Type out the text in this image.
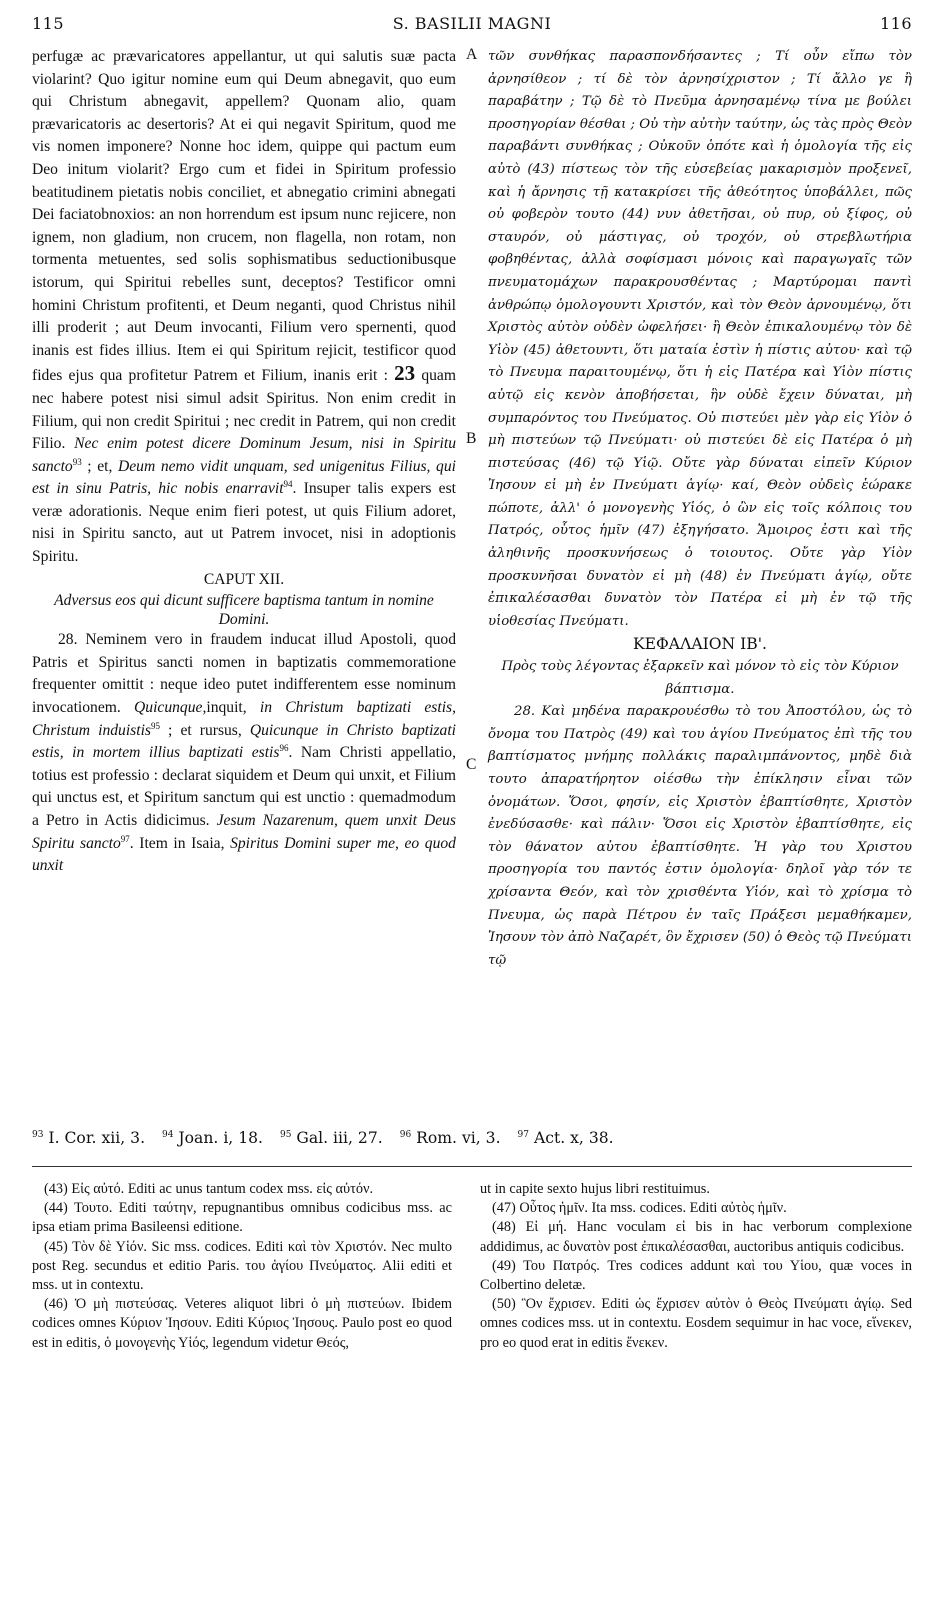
115	S. BASILII MAGNI	116
A
B
C

perfugæ ac prævaricatores appellantur, ut qui salutis suæ pacta violarint? Quo igitur nomine eum qui Deum abnegavit, quo eum qui Christum abnegavit, appellem? Quonam alio, quam prævaricatoris ac desertoris? At ei qui negavit Spiritum, quod me vis nomen imponere? Nonne hoc idem, quippe qui pactum eum Deo initum violarit? Ergo cum et fidei in Spiritum professio beatitudinem pietatis nobis conciliet, et abnegatio crimini abnegati Dei faciatobnoxios: an non horrendum est ipsum nunc rejicere, non ignem, non gladium, non crucem, non flagella, non rotam, non tormenta metuentes, sed solis sophismatibus seductionibusque istorum, qui Spiritui rebelles sunt, deceptos? Testificor omni homini Christum profitenti, et Deum neganti, quod Christus nihil illi proderit ; aut Deum invocanti, Filium vero spernenti, quod inanis est fides illius. Item ei qui Spiritum rejicit, testificor quod fides ejus qua profitetur Patrem et Filium, inanis erit : 23 quam nec habere potest nisi simul adsit Spiritus. Non enim credit in Filium, qui non credit Spiritui ; nec credit in Patrem, qui non credit Filio. Nec enim potest dicere Dominum Jesum, nisi in Spiritu sancto$^{93}$ ; et, Deum nemo vidit unquam, sed unigenitus Filius, qui est in sinu Patris, hic nobis enarravit$^{94}$. Insuper talis expers est veræ adorationis. Neque enim fieri potest, ut quis Filium adoret, nisi in Spiritu sancto, aut ut Patrem invocet, nisi in adoptionis Spiritu.

CAPUT XII.

Adversus eos qui dicunt sufficere baptisma tantum in nomine Domini.

28. Neminem vero in fraudem inducat illud Apostoli, quod Patris et Spiritus sancti nomen in baptizatis commemoratione frequenter omittit : neque ideo putet indifferentem esse nominum invocationem. Quicunque,inquit, in Christum baptizati estis, Christum induistis$^{95}$ ; et rursus, Quicunque in Christo baptizati estis, in mortem illius baptizati estis$^{96}$. Nam Christi appellatio, totius est professio : declarat siquidem et Deum qui unxit, et Filium qui unctus est, et Spiritum sanctum qui est unctio : quemadmodum a Petro in Actis didicimus. Jesum Nazarenum, quem unxit Deus Spiritu sancto$^{97}$. Item in Isaia, Spiritus Domini super me, eo quod unxit

τῶν συνθήκας παρασπονδήσαντες ; Τί οὖν εἴπω τὸν ἀρνησίθεον ; τί δὲ τὸν ἀρνησίχριστον ; Τί ἄλλο γε ἢ παραβάτην ; Τῷ δὲ τὸ Πνεῦμα ἀρνησαμένῳ τίνα με βούλει προσηγορίαν θέσθαι ; Οὐ τὴν αὐτὴν ταύτην, ὡς τὰς πρὸς Θεὸν παραβάντι συνθήκας ; Οὐκοῦν ὁπότε καὶ ἡ ὁμολογία τῆς εἰς αὐτὸ (43) πίστεως τὸν τῆς εὐσεβείας μακαρισμὸν προξενεῖ, καὶ ἡ ἄρνησις τῇ κατακρίσει τῆς ἀθεότητος ὑποβάλλει, πῶς οὐ φοβερὸν τουτο (44) νυν ἀθετῆσαι, οὐ πυρ, οὐ ξίφος, οὐ σταυρόν, οὐ μάστιγας, οὐ τροχόν, οὐ στρεβλωτήρια φοβηθέντας, ἀλλὰ σοφίσμασι μόνοις καὶ παραγωγαῖς τῶν πνευματομάχων παρακρουσθέντας ; Μαρτύρομαι παντὶ ἀνθρώπῳ ὁμολογουντι Χριστόν, καὶ τὸν Θεὸν ἀρνουμένῳ, ὅτι Χριστὸς αὐτὸν οὐδὲν ὠφελήσει· ἢ Θεὸν ἐπικαλουμένῳ τὸν δὲ Υἱὸν (45) ἀθετουντι, ὅτι ματαία ἐστὶν ἡ πίστις αὐτου· καὶ τῷ τὸ Πνευμα παραιτουμένῳ, ὅτι ἡ εἰς Πατέρα καὶ Υἱὸν πίστις αὐτῷ εἰς κενὸν ἀποβήσεται, ἣν οὐδὲ ἔχειν δύναται, μὴ συμπαρόντος του Πνεύματος. Οὐ πιστεύει μὲν γὰρ εἰς Υἱὸν ὁ μὴ πιστεύων τῷ Πνεύματι· οὐ πιστεύει δὲ εἰς Πατέρα ὁ μὴ πιστεύσας (46) τῷ Υἱῷ. Οὔτε γὰρ δύναται εἰπεῖν Κύριον Ἰησουν εἰ μὴ ἐν Πνεύματι ἁγίῳ· καί, Θεὸν οὐδεὶς ἑώρακε πώποτε, ἀλλ' ὁ μονογενὴς Υἱός, ὁ ὢν εἰς τοῖς κόλποις του Πατρός, οὗτος ἡμῖν (47) ἐξηγήσατο. Ἄμοιρος ἐστι καὶ τῆς ἀληθινῆς προσκυνήσεως ὁ τοιουτος. Οὔτε γὰρ Υἱὸν προσκυνῆσαι δυνατὸν εἰ μὴ (48) ἐν Πνεύματι ἁγίῳ, οὔτε ἐπικαλέσασθαι δυνατὸν τὸν Πατέρα εἰ μὴ ἐν τῷ τῆς υἱοθεσίας Πνεύματι.

ΚΕΦΑΛΑΙΟΝ ΙΒ'.

Πρὸς τοὺς λέγοντας ἐξαρκεῖν καὶ μόνον τὸ εἰς τὸν Κύριον βάπτισμα.

28. Καὶ μηδένα παρακρουέσθω τὸ του Ἀποστόλου, ὡς τὸ ὄνομα του Πατρὸς (49) καὶ του ἁγίου Πνεύματος ἐπὶ τῆς του βαπτίσματος μνήμης πολλάκις παραλιμπάνοντος, μηδὲ διὰ τουτο ἀπαρατήρητον οἰέσθω τὴν ἐπίκλησιν εἶναι τῶν ὀνομάτων. Ὅσοι, φησίν, εἰς Χριστὸν ἐβαπτίσθητε, Χριστὸν ἐνεδύσασθε· καὶ πάλιν· Ὅσοι εἰς Χριστὸν ἐβαπτίσθητε, εἰς τὸν θάνατον αὐτου ἐβαπτίσθητε. Ἡ γὰρ του Χριστου προσηγορία του παντός ἐστιν ὁμολογία· δηλοῖ γὰρ τόν τε χρίσαντα Θεόν, καὶ τὸν χρισθέντα Υἱόν, καὶ τὸ χρίσμα τὸ Πνευμα, ὡς παρὰ Πέτρου ἐν ταῖς Πράξεσι μεμαθήκαμεν, Ἰησουν τὸν ἀπὸ Ναζαρέτ, ὃν ἔχρισεν (50) ὁ Θεὸς τῷ Πνεύματι τῷ

$^{93}$ I. Cor. xii, 3. $^{94}$ Joan. i, 18. $^{95}$ Gal. iii, 27. $^{96}$ Rom. vi, 3. $^{97}$ Act. x, 38.

(43) Εἰς αὐτό. Editi ac unus tantum codex mss. εἰς αὐτόν.

(44) Τουτο. Editi ταύτην, repugnantibus omnibus codicibus mss. ac ipsa etiam prima Basileensi editione.

(45) Τὸν δὲ Υἱόν. Sic mss. codices. Editi καὶ τὸν Χριστόν. Nec multo post Reg. secundus et editio Paris. του ἁγίου Πνεύματος. Alii editi et mss. ut in contextu.

(46) Ὁ μὴ πιστεύσας. Veteres aliquot libri ὁ μὴ πιστεύων. Ibidem codices omnes Κύριον Ἰησουν. Editi Κύριος Ἰησους. Paulo post eo quod est in editis, ὁ μονογενὴς Υἱός, legendum videtur Θεός,

ut in capite sexto hujus libri restituimus.

(47) Οὗτος ἡμῖν. Ita mss. codices. Editi αὐτὸς ἡμῖν.

(48) Εἰ μή. Hanc voculam εἰ bis in hac verborum complexione addidimus, ac δυνατὸν post ἐπικαλέσασθαι, auctoribus antiquis codicibus.

(49) Του Πατρός. Tres codices addunt καὶ του Υἱου, quæ voces in Colbertino deletæ.

(50) Ὃν ἔχρισεν. Editi ὡς ἔχρισεν αὐτὸν ὁ Θεὸς Πνεύματι ἁγίῳ. Sed omnes codices mss. ut in contextu. Eosdem sequimur in hac voce, εἵνεκεν, pro eo quod erat in editis ἕνεκεν.
